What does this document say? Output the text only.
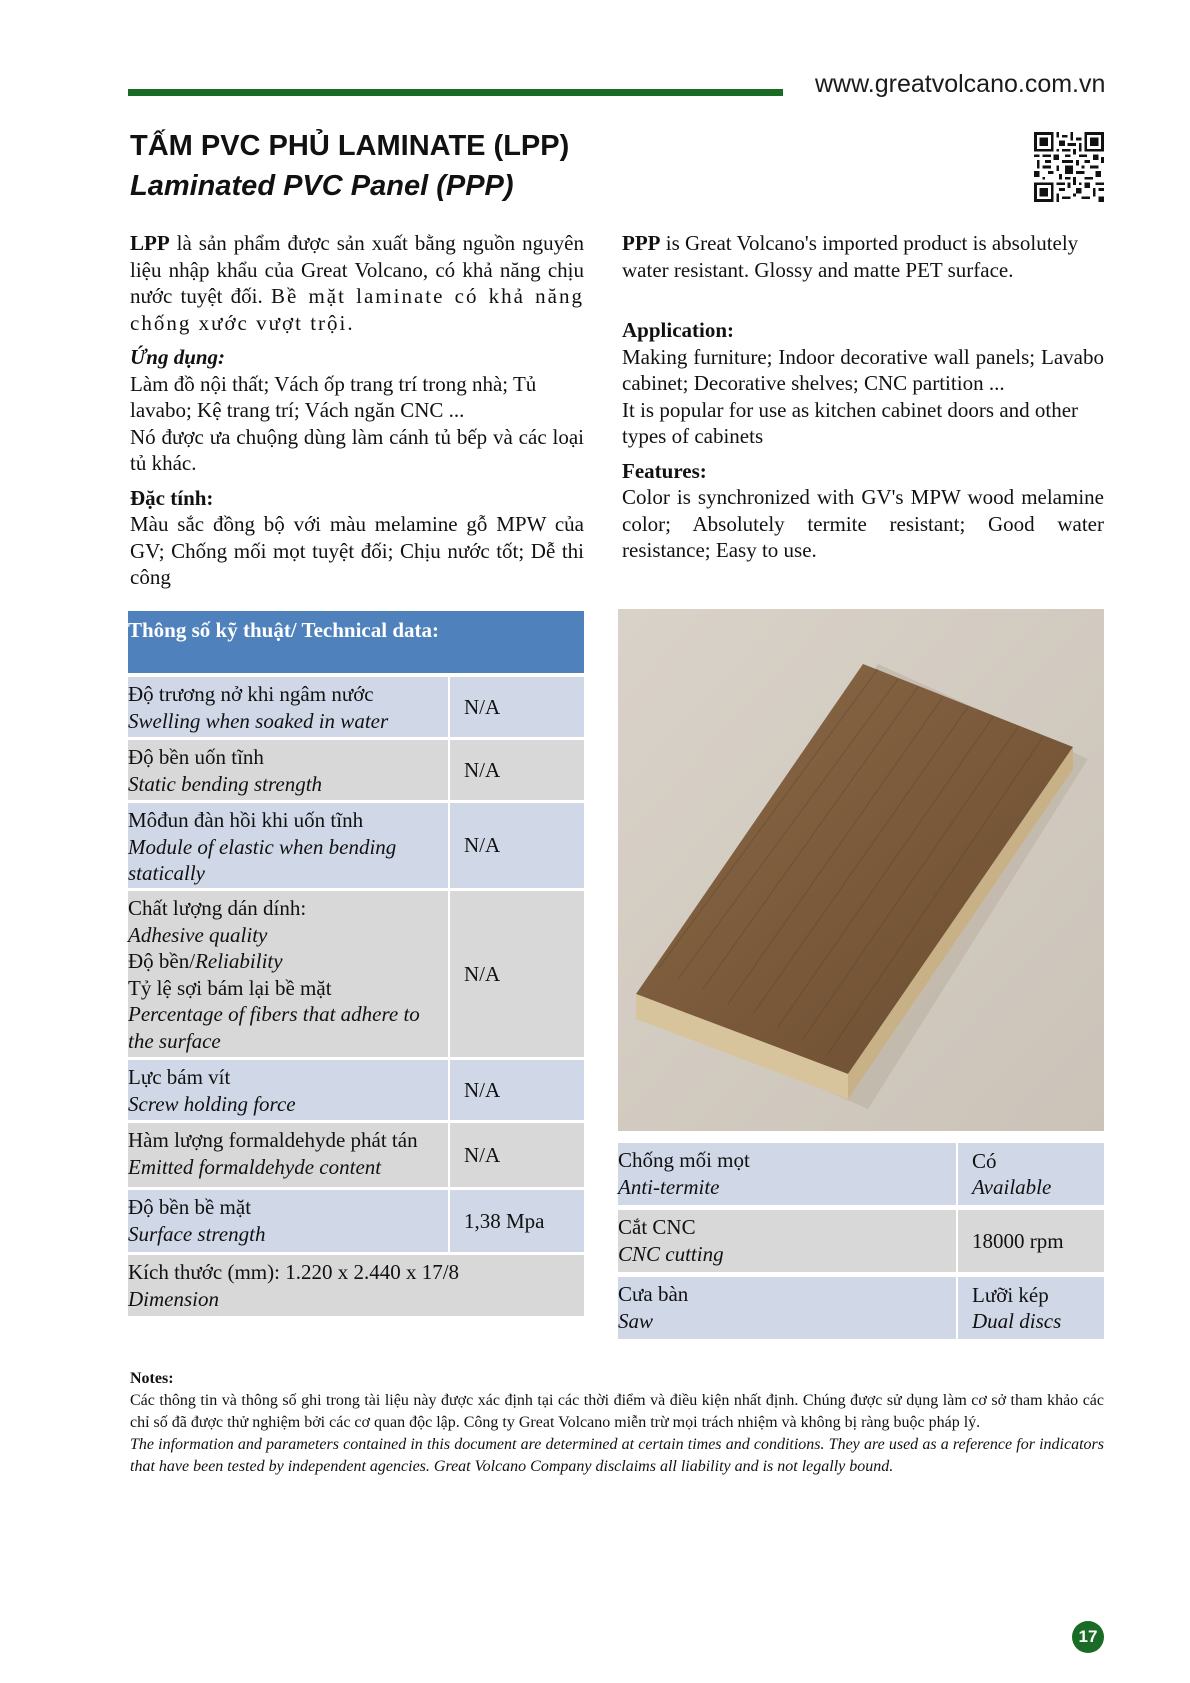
www.greatvolcano.com.vn
TẤM PVC PHỦ LAMINATE (LPP)
Laminated PVC Panel (PPP)

LPP là sản phẩm được sản xuất bằng nguồn nguyên liệu nhập khẩu của Great Volcano, có khả năng chịu nước tuyệt đối. Bề mặt laminate có khả năng chống xước vượt trội.

Ứng dụng:

Làm đồ nội thất; Vách ốp trang trí trong nhà; Tủ lavabo; Kệ trang trí; Vách ngăn CNC ...

Nó được ưa chuộng dùng làm cánh tủ bếp và các loại tủ khác.

Đặc tính:

Màu sắc đồng bộ với màu melamine gỗ MPW của GV; Chống mối mọt tuyệt đối; Chịu nước tốt; Dễ thi công

PPP is Great Volcano's imported product is absolutely water resistant. Glossy and matte PET surface.

Application:

Making furniture; Indoor decorative wall panels; Lavabo cabinet; Decorative shelves; CNC partition ...

It is popular for use as kitchen cabinet doors and other types of cabinets

Features:

Color is synchronized with GV's MPW wood melamine color; Absolutely termite resistant; Good water resistance; Easy to use.

Thông số kỹ thuật/ Technical data:
Độ trương nở khi ngâm nước
Swelling when soaked in water
N/A
Độ bền uốn tĩnh
Static bending strength
N/A
Môđun đàn hồi khi uốn tĩnh
Module of elastic when bending statically
N/A
Chất lượng dán dính:
Adhesive quality
Độ bền/Reliability
Tỷ lệ sợi bám lại bề mặt
Percentage of fibers that adhere to the surface
N/A
Lực bám vít
Screw holding force
N/A
Hàm lượng formaldehyde phát tán
Emitted formaldehyde content	N/A
Độ bền bề mặt
Surface strength
1,38 Mpa
Kích thước (mm): 1.220 x 2.440 x 17/8
Dimension
Chống mối mọt
Anti-termite
Có
Available
Cắt CNC
CNC cutting
18000 rpm
Cưa bàn
Saw
Lưỡi kép
Dual discs
Notes:

Các thông tin và thông số ghi trong tài liệu này được xác định tại các thời điểm và điều kiện nhất định. Chúng được sử dụng làm cơ sở tham khảo các chỉ số đã được thử nghiệm bởi các cơ quan độc lập. Công ty Great Volcano miễn trừ mọi trách nhiệm và không bị ràng buộc pháp lý.

The information and parameters contained in this document are determined at certain times and conditions. They are used as a reference for indicators that have been tested by independent agencies. Great Volcano Company disclaims all liability and is not legally bound.

17
